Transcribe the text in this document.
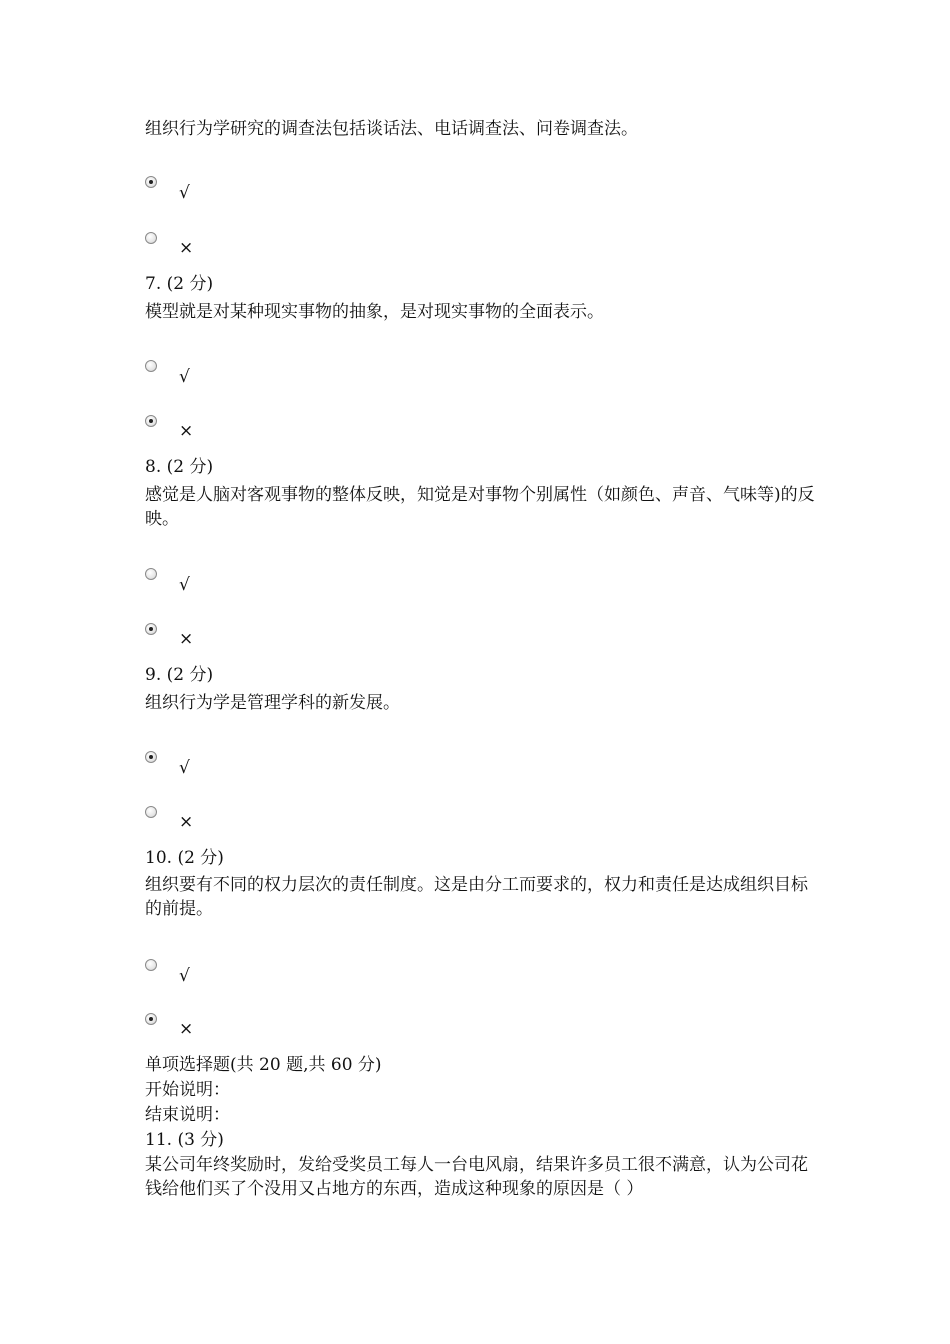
组织行为学研究的调查法包括谈话法、电话调查法、问卷调查法。
√
×
7. (2 分)
模型就是对某种现实事物的抽象，是对现实事物的全面表示。
√
×
8. (2 分)
感觉是人脑对客观事物的整体反映，知觉是对事物个别属性（如颜色、声音、气味等)的反映。
√
×
9. (2 分)
组织行为学是管理学科的新发展。
√
×
10. (2 分)
组织要有不同的权力层次的责任制度。这是由分工而要求的，权力和责任是达成组织目标的前提。
√
×
单项选择题(共 20 题,共 60 分)
开始说明：
结束说明：
11. (3 分)
某公司年终奖励时，发给受奖员工每人一台电风扇，结果许多员工很不满意，认为公司花钱给他们买了个没用又占地方的东西，造成这种现象的原因是（ ）
